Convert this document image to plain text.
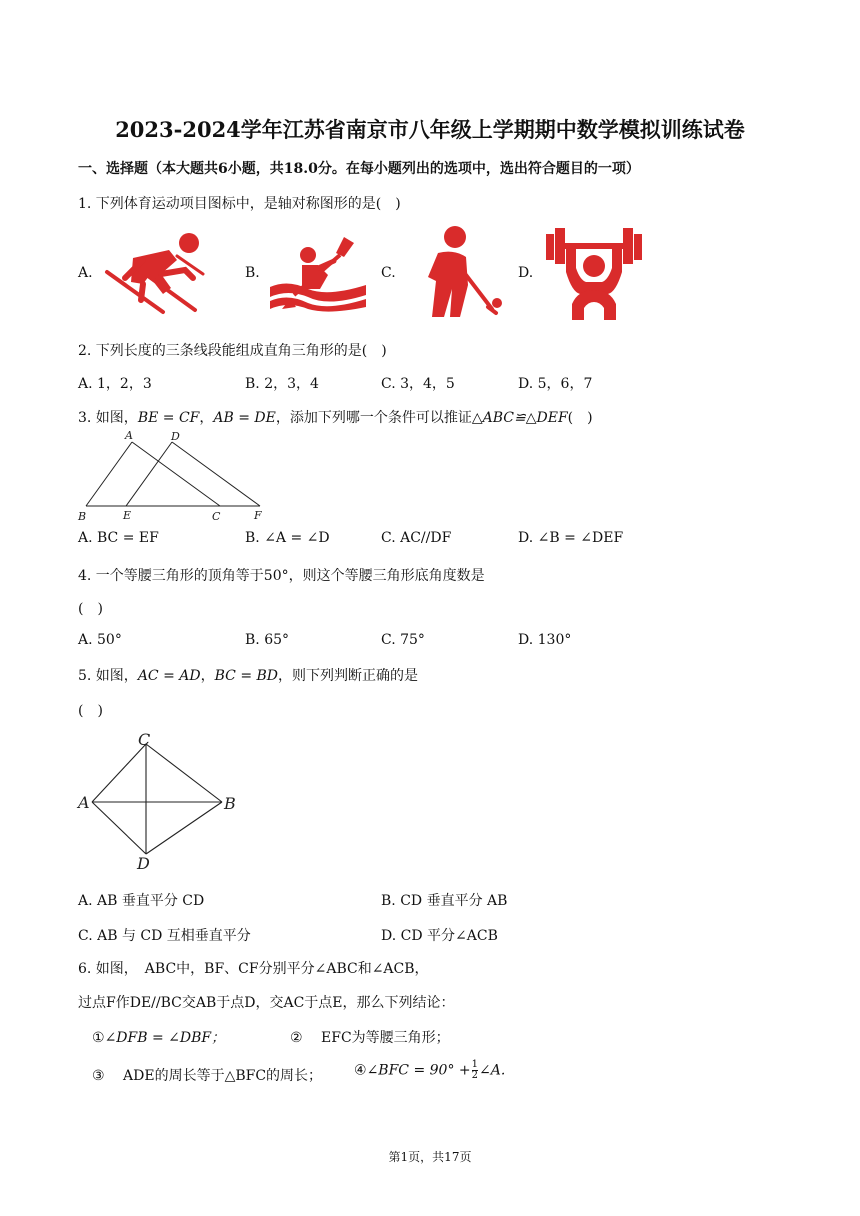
2023-2024学年江苏省南京市八年级上学期期中数学模拟训练试卷
一、选择题（本大题共6小题，共18.0分。在每小题列出的选项中，选出符合题目的一项）
1. 下列体育运动项目图标中，是轴对称图形的是(　)
A.	B.	C.	D.
2. 下列长度的三条线段能组成直角三角形的是(　)
A. 1，2，3	B. 2，3，4	C. 3，4，5	D. 5，6，7
3. 如图，BE = CF，AB = DE，添加下列哪一个条件可以推证△ABC≌△DEF(　)
A	D
B	E	C	F
A. BC = EF	B. ∠A = ∠D	C. AC//DF	D. ∠B = ∠DEF
4. 一个等腰三角形的顶角等于50°，则这个等腰三角形底角度数是
(　)
A. 50°	B. 65°	C. 75°	D. 130°
5. 如图，AC = AD，BC = BD，则下列判断正确的是
(　)
C
A	B
D
A. AB 垂直平分 CD	B. CD 垂直平分 AB
C. AB 与 CD 互相垂直平分	D. CD 平分∠ACB
6. 如图，　ABC中，BF、CF分别平分∠ABC和∠ACB，
过点F作DE//BC交AB于点D，交AC于点E，那么下列结论：
①∠DFB = ∠DBF；	② EFC为等腰三角形；
③ ADE的周长等于△BFC的周长； ④∠BFC = $90^\circ + \frac{1}{2}$ ∠A.
第1页，共17页
